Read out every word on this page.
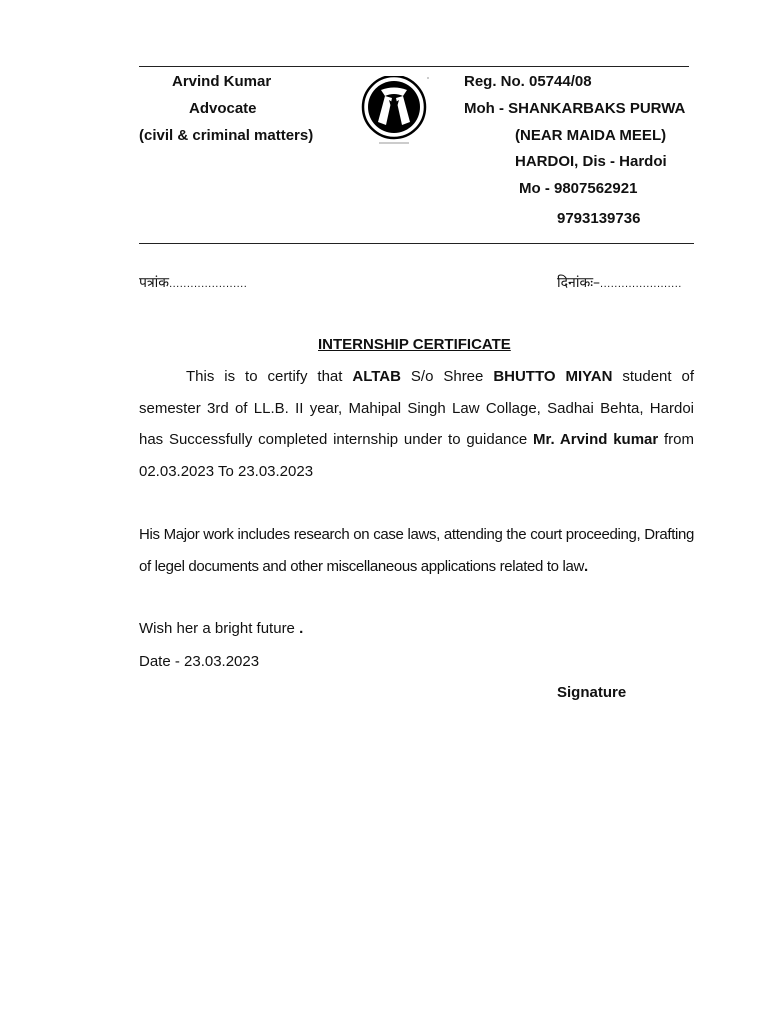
Arvind Kumar
Advocate
(civil & criminal matters)
Reg. No. 05744/08
Moh - SHANKARBAKS PURWA
(NEAR MAIDA MEEL)
HARDOI, Dis - Hardoi
Mo - 9807562921
9793139736
पत्रांक......................	दिनांकः–.......................
INTERNSHIP CERTIFICATE

This is to certify that ALTAB S/o Shree BHUTTO MIYAN student of semester 3rd of LL.B. II year, Mahipal Singh Law Collage, Sadhai Behta, Hardoi has Successfully completed internship under to guidance Mr. Arvind kumar from 02.03.2023 To 23.03.2023

His Major work includes research on case laws, attending the court proceeding, Drafting of legel documents and other miscellaneous applications related to law.

Wish her a bright future .
Date - 23.03.2023
Signature
